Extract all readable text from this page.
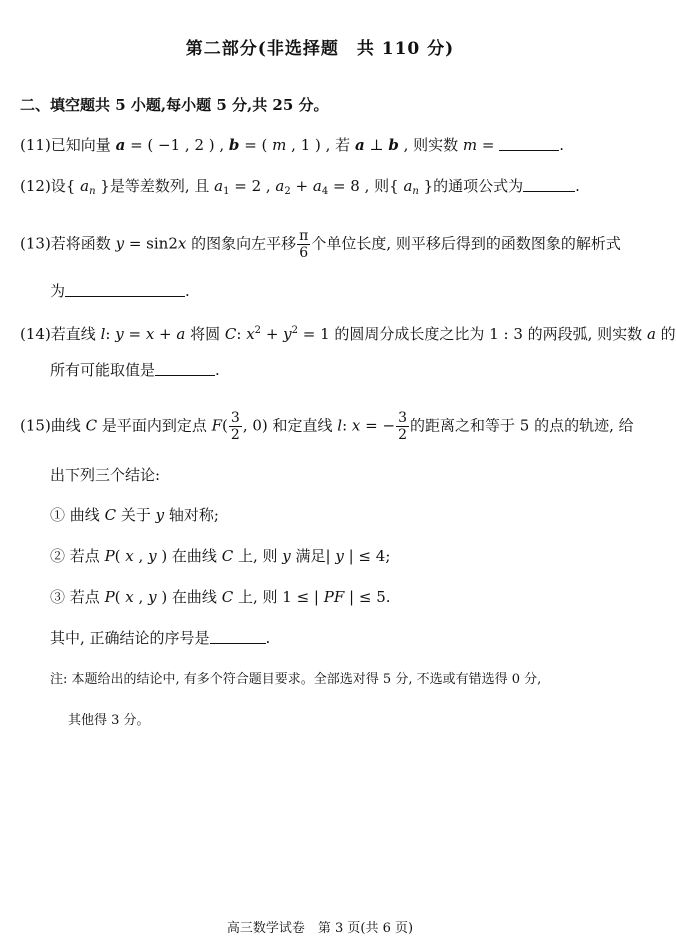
第二部分(非选择题　共 110 分)
二、填空题共 5 小题,每小题 5 分,共 25 分。
(11)已知向量 a = ( −1 , 2 ) , b = ( m , 1 ) , 若 a ⊥ b , 则实数 m =	.
(12)设{ $a_n$ }是等差数列, 且 $a_1 = 2$ , $a_2 + a_4 = 8$ , 则{ $a_n$ }的通项公式为	.
(13)若将函数 y = sin2x 的图象向左平移 $\frac{\pi}{6}$ 个单位长度, 则平移后得到的函数图象的解析式
为	.
(14)若直线 l: y = x + a 将圆 C: $x^2 + y^2 = 1$ 的圆周分成长度之比为 1 : 3 的两段弧, 则实数 a 的
所有可能取值是	.
(15)曲线 C 是平面内到定点 $F( \frac{3}{2}$ , 0) 和定直线 l: x = − $\frac{3}{2}$ 的距离之和等于 5 的点的轨迹, 给
出下列三个结论:
① 曲线 C 关于 y 轴对称;
② 若点 P( x , y ) 在曲线 C 上, 则 y 满足| y | ≤ 4;
③ 若点 P( x , y ) 在曲线 C 上, 则 1 ≤ | PF | ≤ 5.
其中, 正确结论的序号是	.
注: 本题给出的结论中, 有多个符合题目要求。全部选对得 5 分, 不选或有错选得 0 分,
其他得 3 分。
高三数学试卷　第 3 页(共 6 页)
